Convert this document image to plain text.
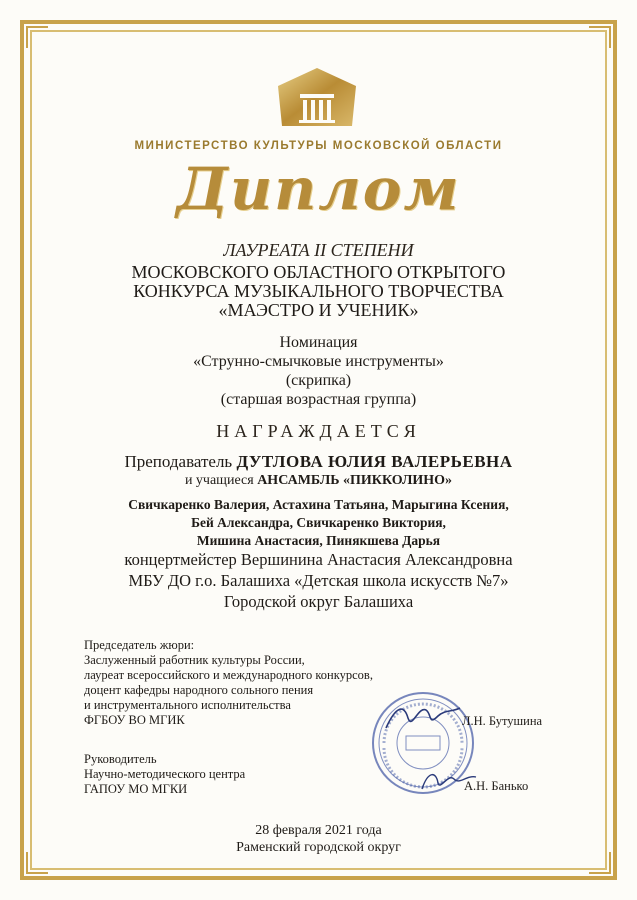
МИНИСТЕРСТВО КУЛЬТУРЫ МОСКОВСКОЙ ОБЛАСТИ
Диплом
ЛАУРЕАТА II СТЕПЕНИ
МОСКОВСКОГО ОБЛАСТНОГО ОТКРЫТОГО
КОНКУРСА МУЗЫКАЛЬНОГО ТВОРЧЕСТВА
«МАЭСТРО И УЧЕНИК»
Номинация
«Струнно-смычковые инструменты»
(скрипка)
(старшая возрастная группа)
НАГРАЖДАЕТСЯ
Преподаватель ДУТЛОВА ЮЛИЯ ВАЛЕРЬЕВНА
и учащиеся АНСАМБЛЬ «ПИККОЛИНО»
Свичкаренко Валерия, Астахина Татьяна, Марыгина Ксения,
Бей Александра, Свичкаренко Виктория,
Мишина Анастасия, Пинякшева Дарья
концертмейстер Вершинина Анастасия Александровна
МБУ ДО г.о. Балашиха «Детская школа искусств №7»
Городской округ Балашиха
Председатель жюри:
Заслуженный работник культуры России,
лауреат всероссийского и международного конкурсов,
доцент кафедры народного сольного пения
и инструментального исполнительства
ФГБОУ ВО МГИК
Руководитель
Научно-методического центра
ГАПОУ МО МГКИ
Л.Н. Бутушина
А.Н. Банько
28 февраля 2021 года
Раменский городской округ
